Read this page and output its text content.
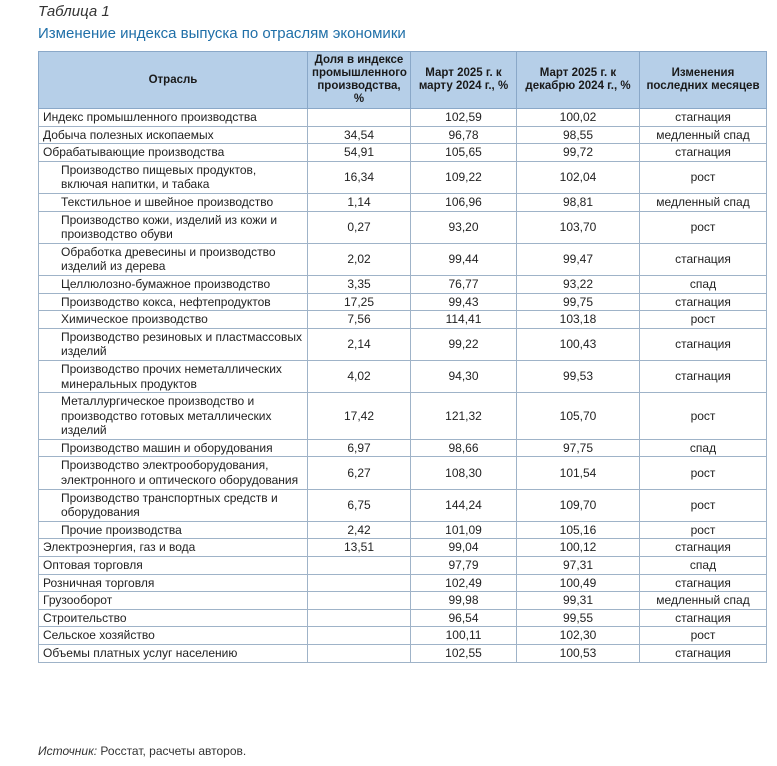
Таблица 1
Изменение индекса выпуска по отраслям экономики
Отрасль	Доля в индексе промышленного производства, %	Март 2025 г. к марту 2024 г., %	Март 2025 г. к декабрю 2024 г., %	Изменения последних месяцев
Индекс промышленного производства		102,59	100,02	стагнация
Добыча полезных ископаемых	34,54	96,78	98,55	медленный спад
Обрабатывающие производства	54,91	105,65	99,72	стагнация
Производство пищевых продуктов, включая напитки, и табака	16,34	109,22	102,04	рост
Текстильное и швейное производство	1,14	106,96	98,81	медленный спад
Производство кожи, изделий из кожи и производство обуви	0,27	93,20	103,70	рост
Обработка древесины и производство изделий из дерева	2,02	99,44	99,47	стагнация
Целлюлозно-бумажное производство	3,35	76,77	93,22	спад
Производство кокса, нефтепродуктов	17,25	99,43	99,75	стагнация
Химическое производство	7,56	114,41	103,18	рост
Производство резиновых и пластмассовых изделий	2,14	99,22	100,43	стагнация
Производство прочих неметаллических минеральных продуктов	4,02	94,30	99,53	стагнация
Металлургическое производство и производство готовых металлических изделий	17,42	121,32	105,70	рост
Производство машин и оборудования	6,97	98,66	97,75	спад
Производство электрооборудования, электронного и оптического оборудования	6,27	108,30	101,54	рост
Производство транспортных средств и оборудования	6,75	144,24	109,70	рост
Прочие производства	2,42	101,09	105,16	рост
Электроэнергия, газ и вода	13,51	99,04	100,12	стагнация
Оптовая торговля		97,79	97,31	спад
Розничная торговля		102,49	100,49	стагнация
Грузооборот		99,98	99,31	медленный спад
Строительство		96,54	99,55	стагнация
Сельское хозяйство		100,11	102,30	рост
Объемы платных услуг населению		102,55	100,53	стагнация
Источник: Росстат, расчеты авторов.
